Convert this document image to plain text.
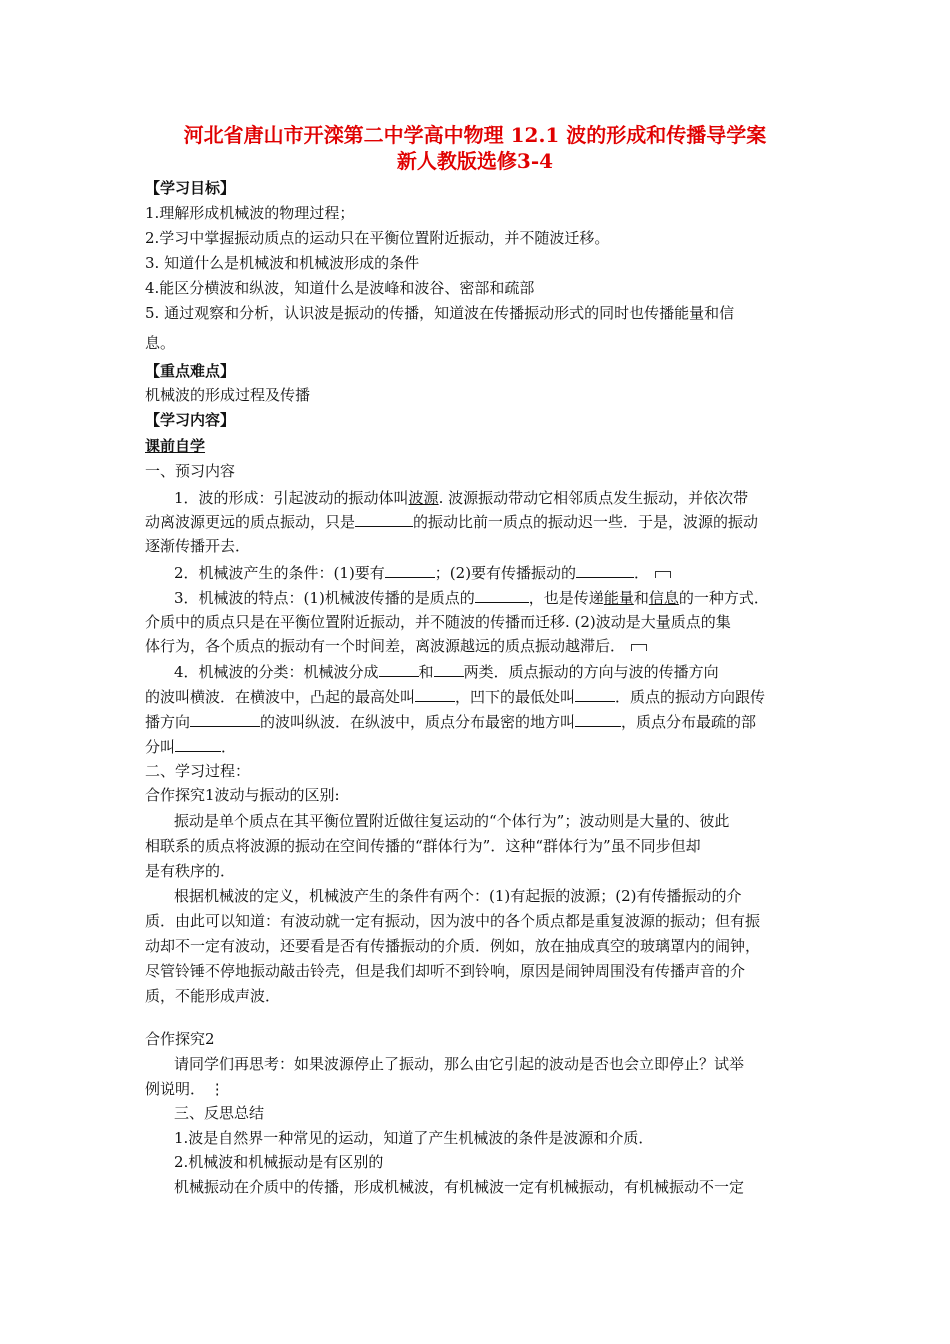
河北省唐山市开滦第二中学高中物理 12.1 波的形成和传播导学案
新人教版选修3-4
【学习目标】
1.理解形成机械波的物理过程；
2.学习中掌握振动质点的运动只在平衡位置附近振动，并不随波迁移。
3. 知道什么是机械波和机械波形成的条件
4.能区分横波和纵波，知道什么是波峰和波谷、密部和疏部
5. 通过观察和分析，认识波是振动的传播，知道波在传播振动形式的同时也传播能量和信
息。
【重点难点】
机械波的形成过程及传播
【学习内容】
课前自学
一、预习内容
1．波的形成：引起波动的振动体叫波源. 波源振动带动它相邻质点发生振动，并依次带
动离波源更远的质点振动，只是	的振动比前一质点的振动迟一些．于是，波源的振动
逐渐传播开去．
2．机械波产生的条件：(1)要有	；(2)要有传播振动的	．
3．机械波的特点：(1)机械波传播的是质点的	，也是传递能量和信息的一种方式．
介质中的质点只是在平衡位置附近振动，并不随波的传播而迁移. (2)波动是大量质点的集
体行为，各个质点的振动有一个时间差，离波源越远的质点振动越滞后．
4．机械波的分类：机械波分成	和 两类．质点振动的方向与波的传播方向
的波叫横波．在横波中，凸起的最高处叫	，凹下的最低处叫	．质点的振动方向跟传
播方向	的波叫纵波．在纵波中，质点分布最密的地方叫	，质点分布最疏的部
分叫	．
二、学习过程：
合作探究1波动与振动的区别:
振动是单个质点在其平衡位置附近做往复运动的“个体行为”；波动则是大量的、彼此
相联系的质点将波源的振动在空间传播的“群体行为”．这种“群体行为”虽不同步但却
是有秩序的．
根据机械波的定义，机械波产生的条件有两个：(1)有起振的波源；(2)有传播振动的介
质．由此可以知道：有波动就一定有振动，因为波中的各个质点都是重复波源的振动；但有振
动却不一定有波动，还要看是否有传播振动的介质．例如，放在抽成真空的玻璃罩内的闹钟，
尽管铃锤不停地振动敲击铃壳，但是我们却听不到铃响，原因是闹钟周围没有传播声音的介
质，不能形成声波．
合作探究2
请同学们再思考：如果波源停止了振动，那么由它引起的波动是否也会立即停止？试举
例说明． ⋮
三、反思总结
1.波是自然界一种常见的运动，知道了产生机械波的条件是波源和介质．
2.机械波和机械振动是有区别的
机械振动在介质中的传播，形成机械波，有机械波一定有机械振动，有机械振动不一定
